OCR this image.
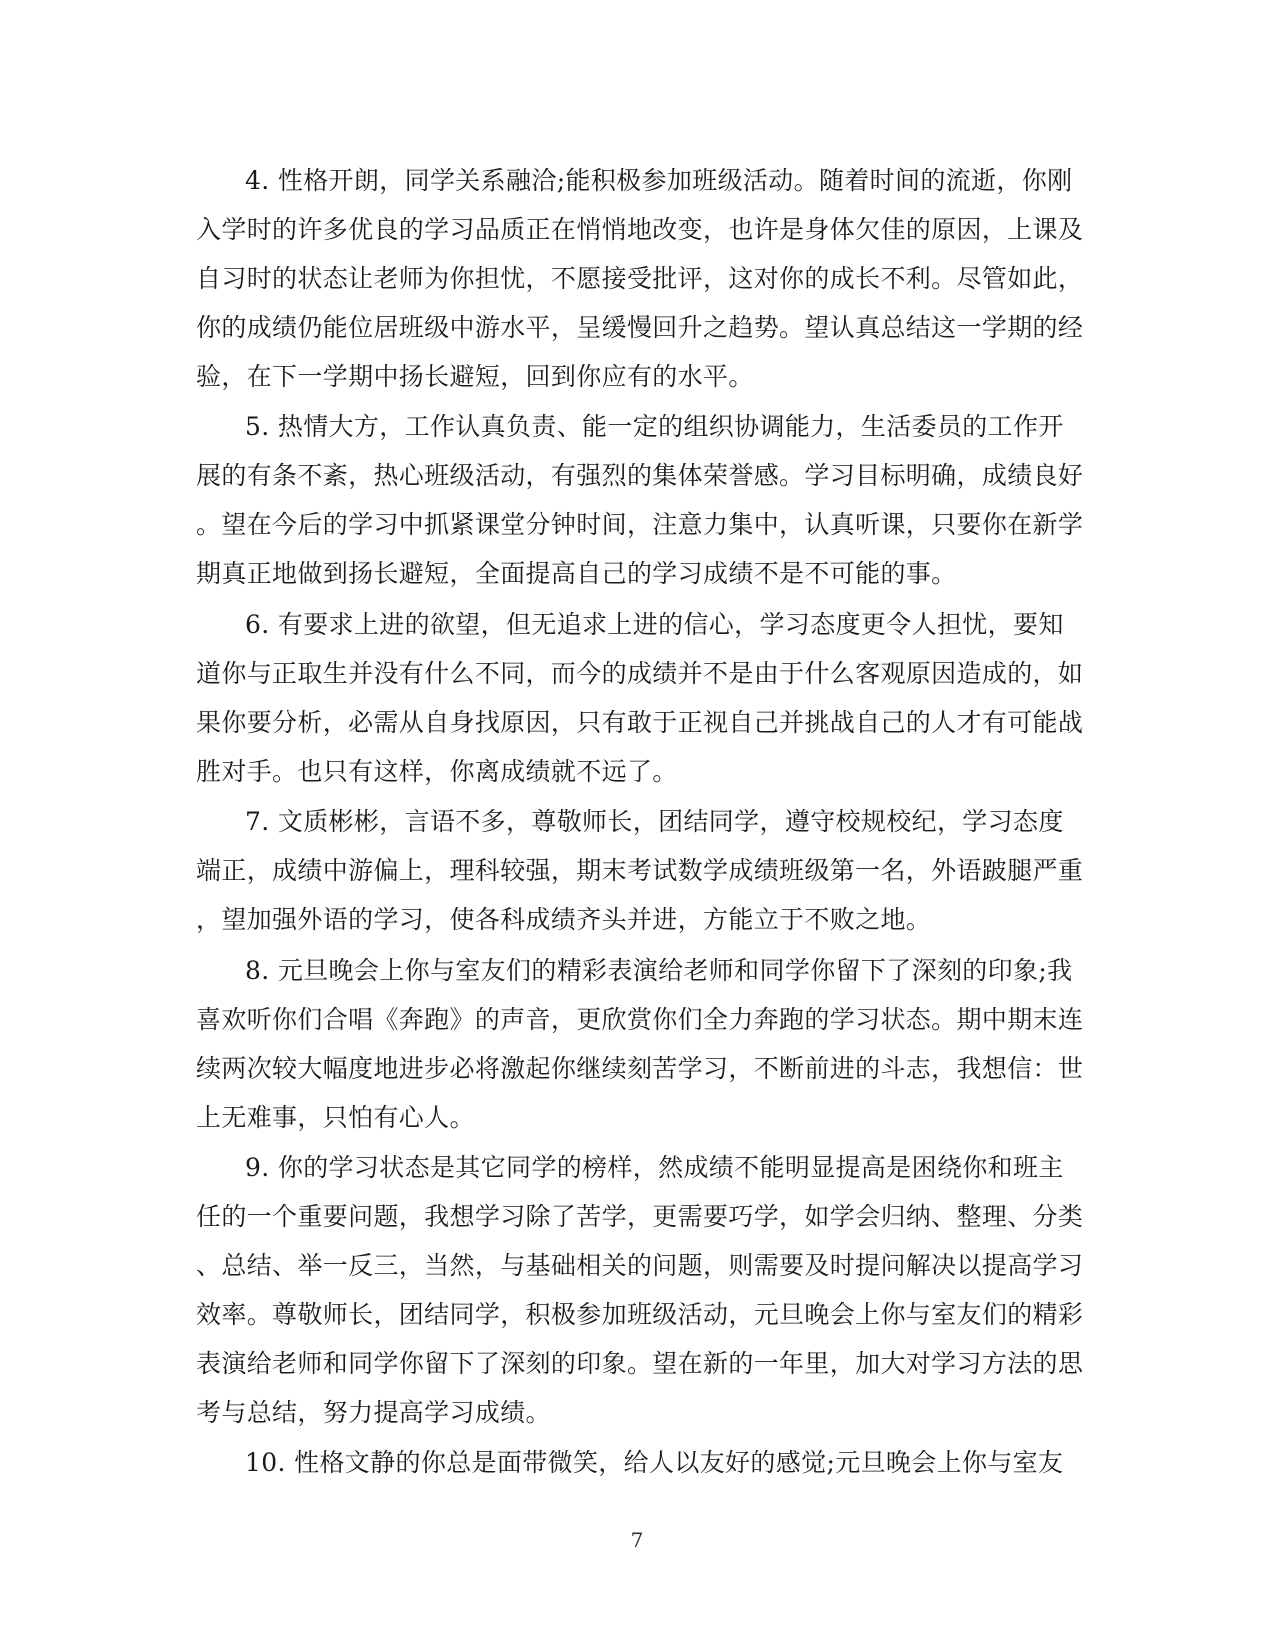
4. 性格开朗，同学关系融洽;能积极参加班级活动。随着时间的流逝，你刚
入学时的许多优良的学习品质正在悄悄地改变，也许是身体欠佳的原因，上课及
自习时的状态让老师为你担忧，不愿接受批评，这对你的成长不利。尽管如此，
你的成绩仍能位居班级中游水平，呈缓慢回升之趋势。望认真总结这一学期的经
验，在下一学期中扬长避短，回到你应有的水平。
5. 热情大方，工作认真负责、能一定的组织协调能力，生活委员的工作开
展的有条不紊，热心班级活动，有强烈的集体荣誉感。学习目标明确，成绩良好
。望在今后的学习中抓紧课堂分钟时间，注意力集中，认真听课，只要你在新学
期真正地做到扬长避短，全面提高自己的学习成绩不是不可能的事。
6. 有要求上进的欲望，但无追求上进的信心，学习态度更令人担忧，要知
道你与正取生并没有什么不同，而今的成绩并不是由于什么客观原因造成的，如
果你要分析，必需从自身找原因，只有敢于正视自己并挑战自己的人才有可能战
胜对手。也只有这样，你离成绩就不远了。
7. 文质彬彬，言语不多，尊敬师长，团结同学，遵守校规校纪，学习态度
端正，成绩中游偏上，理科较强，期末考试数学成绩班级第一名，外语跛腿严重
，望加强外语的学习，使各科成绩齐头并进，方能立于不败之地。
8. 元旦晚会上你与室友们的精彩表演给老师和同学你留下了深刻的印象;我
喜欢听你们合唱《奔跑》的声音，更欣赏你们全力奔跑的学习状态。期中期末连
续两次较大幅度地进步必将激起你继续刻苦学习，不断前进的斗志，我想信：世
上无难事，只怕有心人。
9. 你的学习状态是其它同学的榜样，然成绩不能明显提高是困绕你和班主
任的一个重要问题，我想学习除了苦学，更需要巧学，如学会归纳、整理、分类
、总结、举一反三，当然，与基础相关的问题，则需要及时提问解决以提高学习
效率。尊敬师长，团结同学，积极参加班级活动，元旦晚会上你与室友们的精彩
表演给老师和同学你留下了深刻的印象。望在新的一年里，加大对学习方法的思
考与总结，努力提高学习成绩。
10. 性格文静的你总是面带微笑，给人以友好的感觉;元旦晚会上你与室友
7
